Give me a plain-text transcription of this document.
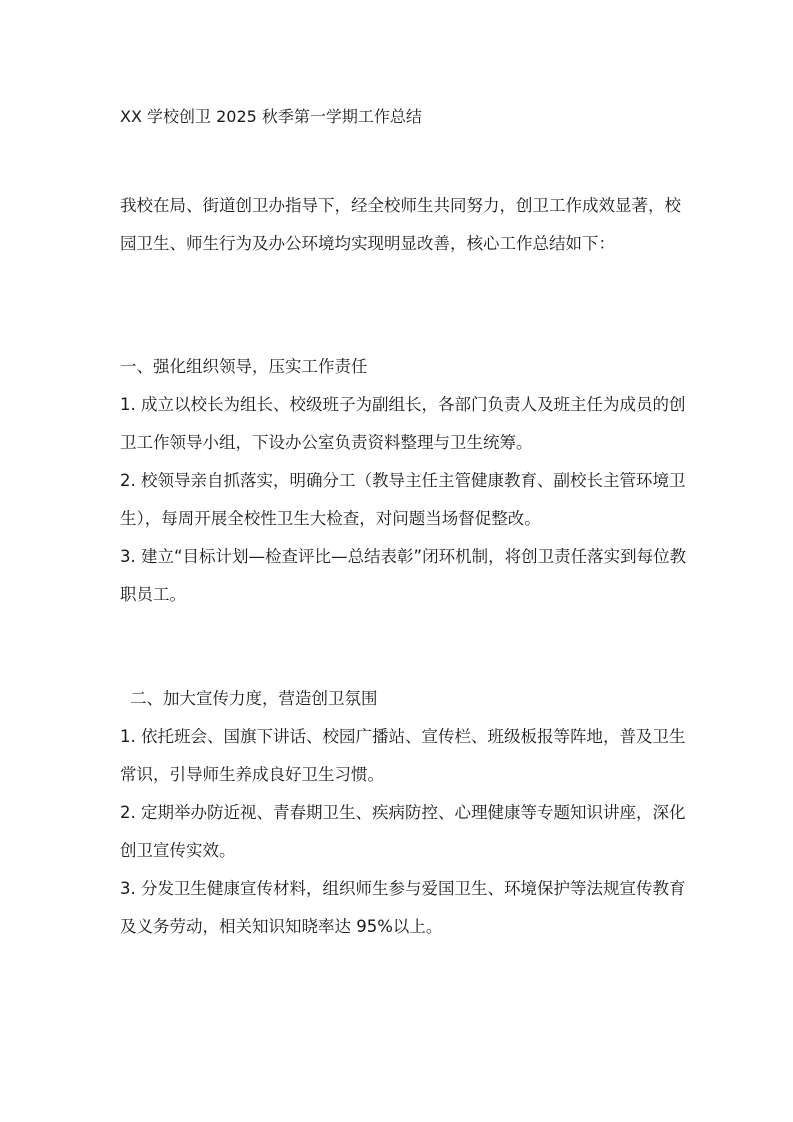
XX 学校创卫 2025 秋季第一学期工作总结

我校在局、街道创卫办指导下，经全校师生共同努力，创卫工作成效显著，校园卫生、师生行为及办公环境均实现明显改善，核心工作总结如下：

一、强化组织领导，压实工作责任

1. 成立以校长为组长、校级班子为副组长，各部门负责人及班主任为成员的创卫工作领导小组，下设办公室负责资料整理与卫生统筹。

2. 校领导亲自抓落实，明确分工（教导主任主管健康教育、副校长主管环境卫生），每周开展全校性卫生大检查，对问题当场督促整改。

3. 建立“目标计划—检查评比—总结表彰”闭环机制，将创卫责任落实到每位教职员工。

二、加大宣传力度，营造创卫氛围

1. 依托班会、国旗下讲话、校园广播站、宣传栏、班级板报等阵地，普及卫生常识，引导师生养成良好卫生习惯。

2. 定期举办防近视、青春期卫生、疾病防控、心理健康等专题知识讲座，深化创卫宣传实效。

3. 分发卫生健康宣传材料，组织师生参与爱国卫生、环境保护等法规宣传教育及义务劳动，相关知识知晓率达 95%以上。
